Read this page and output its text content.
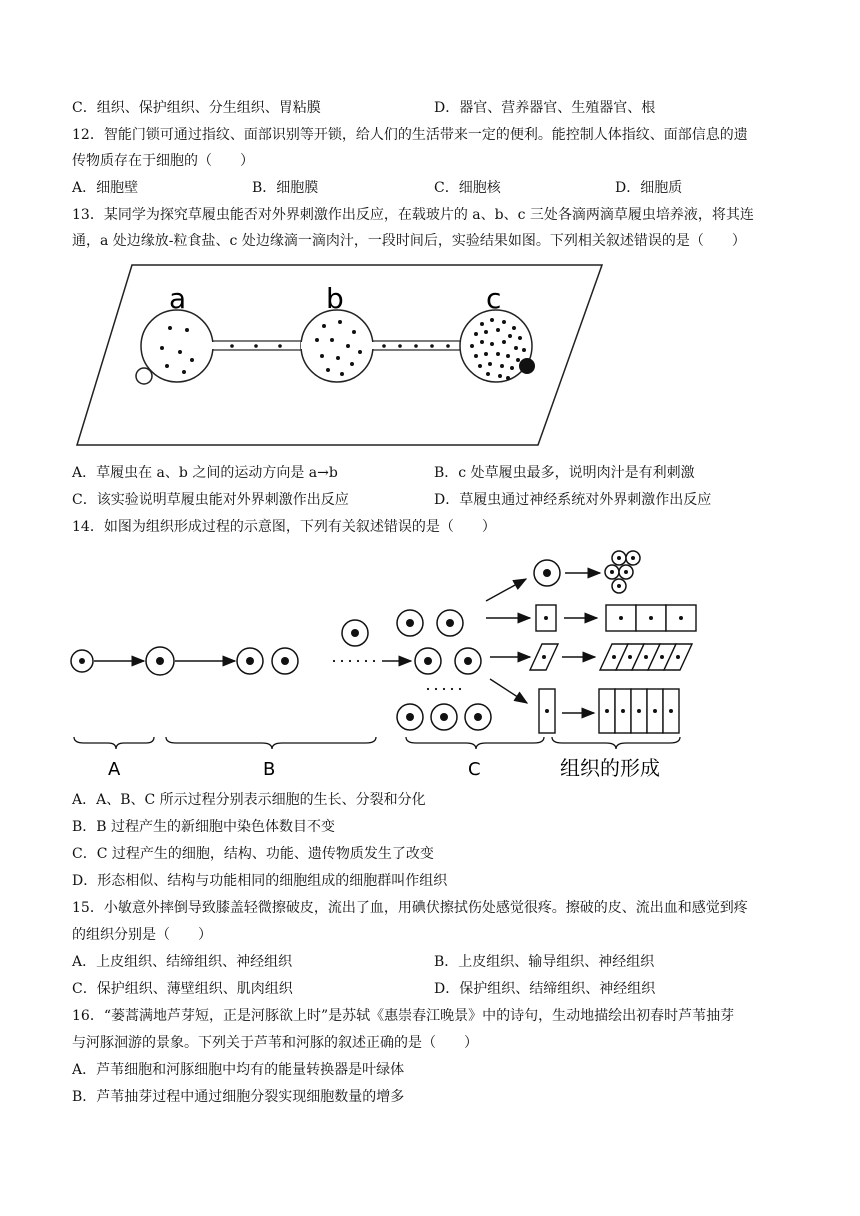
C．组织、保护组织、分生组织、胃粘膜	D．器官、营养器官、生殖器官、根
12．智能门锁可通过指纹、面部识别等开锁，给人们的生活带来一定的便利。能控制人体指纹、面部信息的遗
传物质存在于细胞的（　　）
A．细胞壁	B．细胞膜	C．细胞核	D．细胞质
13．某同学为探究草履虫能否对外界刺激作出反应，在载玻片的 a、b、c 三处各滴两滴草履虫培养液，将其连
通，a 处边缘放-粒食盐、c 处边缘滴一滴肉汁，一段时间后，实验结果如图。下列相关叙述错误的是（　　）
a	b	c
A．草履虫在 a、b 之间的运动方向是 a→b	B．c 处草履虫最多，说明肉汁是有利刺激
C．该实验说明草履虫能对外界刺激作出反应	D．草履虫通过神经系统对外界刺激作出反应
14．如图为组织形成过程的示意图，下列有关叙述错误的是（　　）
A	B	C	组织的形成
A．A、B、C 所示过程分别表示细胞的生长、分裂和分化
B．B 过程产生的新细胞中染色体数目不变
C．C 过程产生的细胞，结构、功能、遗传物质发生了改变
D．形态相似、结构与功能相同的细胞组成的细胞群叫作组织
15．小敏意外摔倒导致膝盖轻微擦破皮，流出了血，用碘伏擦拭伤处感觉很疼。擦破的皮、流出血和感觉到疼
的组织分别是（　　）
A．上皮组织、结缔组织、神经组织	B．上皮组织、输导组织、神经组织
C．保护组织、薄壁组织、肌肉组织	D．保护组织、结缔组织、神经组织
16．“蒌蒿满地芦芽短，正是河豚欲上时”是苏轼《惠崇春江晚景》中的诗句，生动地描绘出初春时芦苇抽芽
与河豚洄游的景象。下列关于芦苇和河豚的叙述正确的是（　　）
A．芦苇细胞和河豚细胞中均有的能量转换器是叶绿体
B．芦苇抽芽过程中通过细胞分裂实现细胞数量的增多
